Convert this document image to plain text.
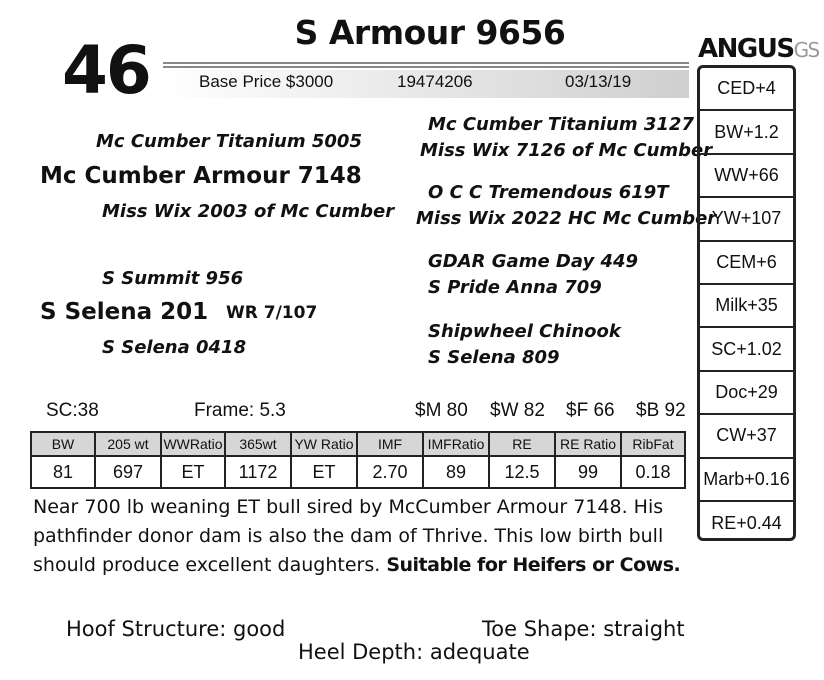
46	S Armour 9656
Base Price $3000	19474206	03/13/19
ANGUSGS
Mc Cumber Titanium 5005
Mc Cumber Armour 7148
Miss Wix 2003 of Mc Cumber
Mc Cumber Titanium 3127
Miss Wix 7126 of Mc Cumber
O C C Tremendous 619T
Miss Wix 2022 HC Mc Cumber
S Summit 956
S Selena 201 WR 7/107
S Selena 0418
GDAR Game Day 449
S Pride Anna 709
Shipwheel Chinook
S Selena 809
CED+4
BW+1.2
WW+66
YW+107
CEM+6
Milk+35
SC+1.02
Doc+29
CW+37
Marb+0.16
RE+0.44
SC:38	Frame: 5.3	$M 80 $W 82 $F 66 $B 92
BW	205 wt	WWRatio	365wt	YW Ratio	IMF	IMFRatio	RE	RE Ratio	RibFat
81	697	ET	1172	ET	2.70	89	12.5	99	0.18
Near 700 lb weaning ET bull sired by McCumber Armour 7148. His pathfinder donor dam is also the dam of Thrive. This low birth bull should produce excellent daughters. Suitable for Heifers or Cows.
Hoof Structure: good	Toe Shape: straight
Heel Depth: adequate
